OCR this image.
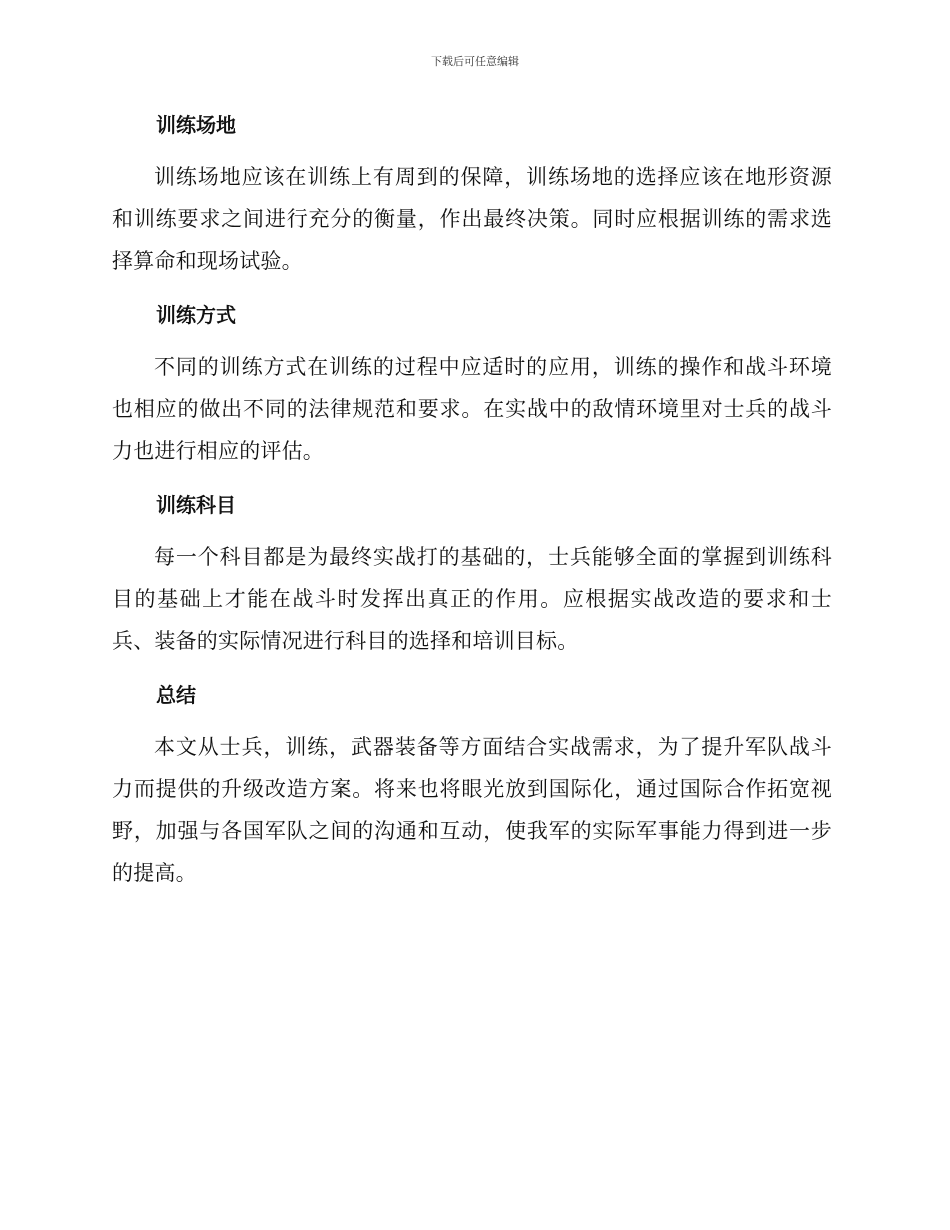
下载后可任意编辑
训练场地

训练场地应该在训练上有周到的保障，训练场地的选择应该在地形资源和训练要求之间进行充分的衡量，作出最终决策。同时应根据训练的需求选择算命和现场试验。

训练方式

不同的训练方式在训练的过程中应适时的应用，训练的操作和战斗环境也相应的做出不同的法律规范和要求。在实战中的敌情环境里对士兵的战斗力也进行相应的评估。

训练科目

每一个科目都是为最终实战打的基础的，士兵能够全面的掌握到训练科目的基础上才能在战斗时发挥出真正的作用。应根据实战改造的要求和士兵、装备的实际情况进行科目的选择和培训目标。

总结

本文从士兵，训练，武器装备等方面结合实战需求，为了提升军队战斗力而提供的升级改造方案。将来也将眼光放到国际化，通过国际合作拓宽视野，加强与各国军队之间的沟通和互动，使我军的实际军事能力得到进一步的提高。
